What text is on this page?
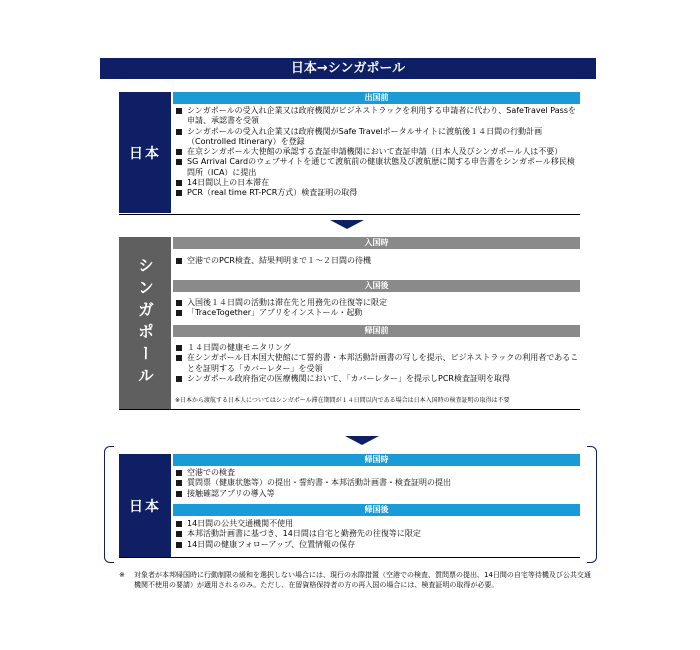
日本→シンガポール
日本
出国前
シンガポールの受入れ企業又は政府機関がビジネストラックを利用する申請者に代わり、SafeTravel Passを申請、承認書を受領
シンガポールの受入れ企業又は政府機関がSafe Travelポータルサイトに渡航後１４日間の行動計画（Controlled Itinerary）を登録
在京シンガポール大使館の承認する査証申請機関において査証申請（日本人及びシンガポール人は不要）
SG Arrival Cardのウェブサイトを通じて渡航前の健康状態及び渡航歴に関する申告書をシンガポール移民検問所（ICA）に提出
14日間以上の日本滞在
PCR（real time RT-PCR方式）検査証明の取得
シンガポール
入国時
空港でのPCR検査、結果判明まで１～２日間の待機
入国後
入国後１４日間の活動は滞在先と用務先の往復等に限定
「TraceTogether」アプリをインストール・起動
帰国前
１４日間の健康モニタリング
在シンガポール日本国大使館にて誓約書・本邦活動計画書の写しを提示、ビジネストラックの利用者であることを証明する「カバーレター」を受領
シンガポール政府指定の医療機関において、「カバーレター」を提示しPCR検査証明を取得
※日本から渡航する日本人についてはシンガポール滞在期間が１４日間以内である場合は日本入国時の検査証明の取得は不要
日本
帰国時
空港での検査
質問票（健康状態等）の提出・誓約書・本邦活動計画書・検査証明の提出
接触確認アプリの導入等
帰国後
14日間の公共交通機関不使用
本邦活動計画書に基づき、14日間は自宅と勤務先の往復等に限定
14日間の健康フォローアップ、位置情報の保存
※	対象者が本邦帰国時に行動制限の緩和を選択しない場合には、現行の水際措置（空港での検査、質問票の提出、14日間の自宅等待機及び公共交通機関不使用の要請）が適用されるのみ。ただし、在留資格保持者の方の再入国の場合には、検査証明の取得が必要。
